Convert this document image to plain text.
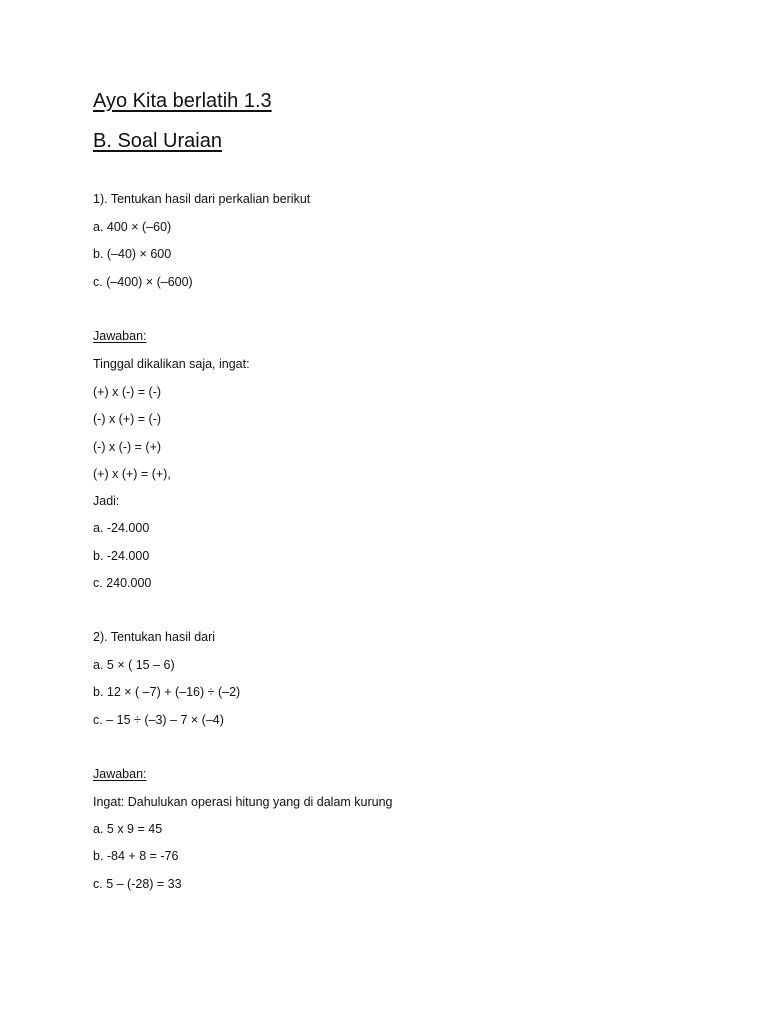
Ayo Kita berlatih 1.3
B. Soal Uraian
1). Tentukan hasil dari perkalian berikut
a. 400 × (–60)
b. (–40) × 600
c. (–400) × (–600)
Jawaban:
Tinggal dikalikan saja, ingat:
(+) x (-) = (-)
(-) x (+) = (-)
(-) x (-) = (+)
(+) x (+) = (+),
Jadi:
a. -24.000
b. -24.000
c. 240.000
2). Tentukan hasil dari
a. 5 × ( 15 – 6)
b. 12 × ( –7) + (–16) ÷ (–2)
c. – 15 ÷ (–3) – 7 × (–4)
Jawaban:
Ingat: Dahulukan operasi hitung yang di dalam kurung
a. 5 x 9 = 45
b. -84 + 8 = -76
c. 5 – (-28) = 33
